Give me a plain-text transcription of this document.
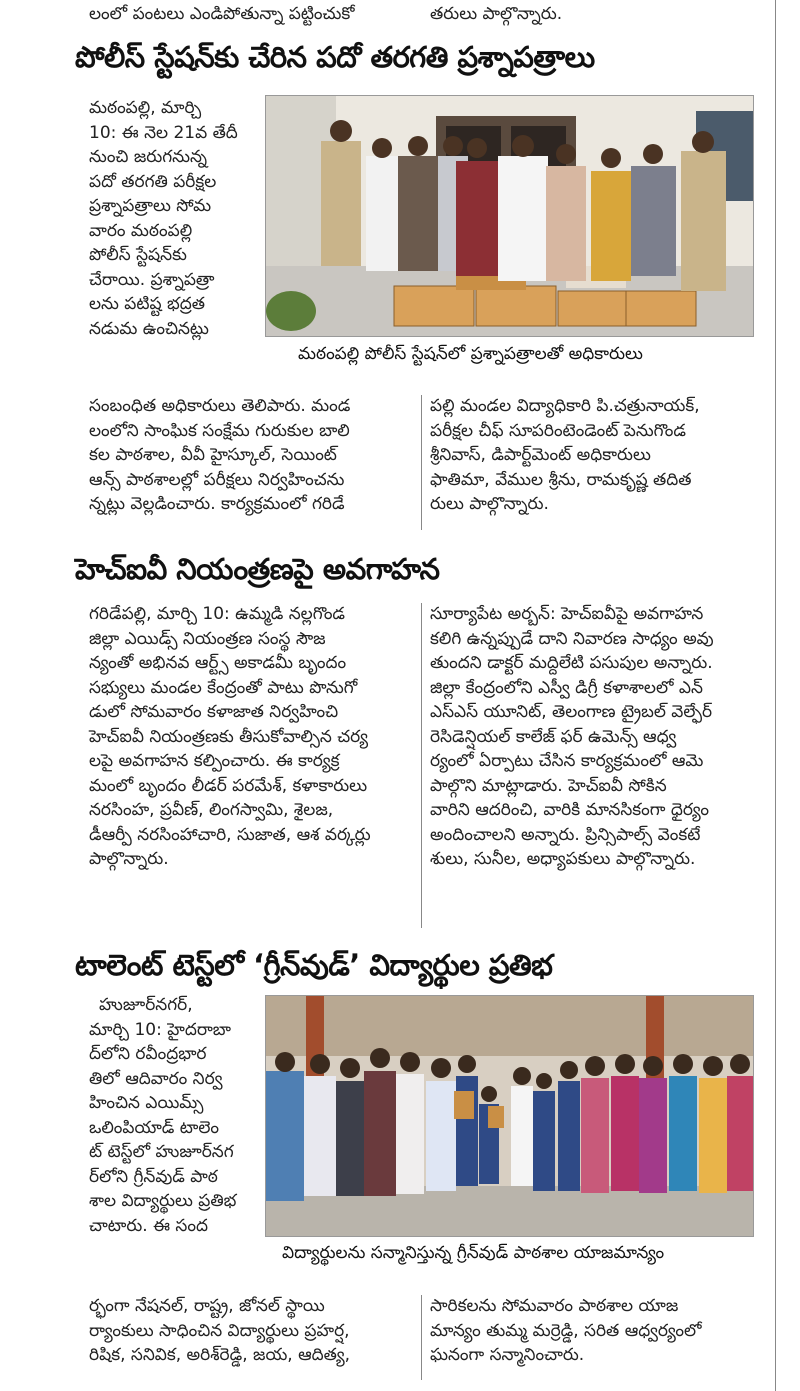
లంలో పంటలు ఎండిపోతున్నా పట్టించుకో	తరులు పాల్గొన్నారు.

పోలీస్ స్టేషన్‌కు చేరిన పదో తరగతి ప్రశ్నాపత్రాలు

మఠంపల్లి, మార్చి

10: ఈ నెల 21వ తేదీ

నుంచి జరుగనున్న

పదో తరగతి పరీక్షల

ప్రశ్నాపత్రాలు సోమ

వారం మఠంపల్లి

పోలీస్ స్టేషన్‌కు

చేరాయి. ప్రశ్నాపత్రా

లను పటిష్ట భద్రత

నడుమ ఉంచినట్లు

మఠంపల్లి పోలీస్ స్టేషన్‌లో ప్రశ్నాపత్రాలతో అధికారులు

సంబంధిత అధికారులు తెలిపారు. మండ

లంలోని సాంఘిక సంక్షేమ గురుకుల బాలి

కల పాఠశాల, వీవీ హైస్కూల్, సెయింట్

ఆన్స్ పాఠశాలల్లో పరీక్షలు నిర్వహించను

న్నట్లు వెల్లడించారు. కార్యక్రమంలో గరిడే

పల్లి మండల విద్యాధికారి పి.చత్రునాయక్,

పరీక్షల చీఫ్ సూపరింటెండెంట్ పెనుగొండ

శ్రీనివాస్, డిపార్ట్‌మెంట్ అధికారులు

ఫాతిమా, వేముల శ్రీను, రామకృష్ణ తదిత

రులు పాల్గొన్నారు.

హెచ్ఐవీ నియంత్రణపై అవగాహన

గరిడేపల్లి, మార్చి 10: ఉమ్మడి నల్లగొండ

జిల్లా ఎయిడ్స్ నియంత్రణ సంస్థ సౌజ

న్యంతో అభినవ ఆర్ట్స్ అకాడమీ బృందం

సభ్యులు మండల కేంద్రంతో పాటు పొనుగో

డులో సోమవారం కళాజాత నిర్వహించి

హెచ్ఐవీ నియంత్రణకు తీసుకోవాల్సిన చర్య

లపై అవగాహన కల్పించారు. ఈ కార్యక్ర

మంలో బృందం లీడర్ పరమేశ్, కళాకారులు

నరసింహ, ప్రవీణ్, లింగస్వామి, శైలజ,

డీఆర్పీ నరసింహాచారి, సుజాత, ఆశ వర్కర్లు

పాల్గొన్నారు.

సూర్యాపేట అర్బన్: హెచ్ఐవీపై అవగాహన

కలిగి ఉన్నప్పుడే దాని నివారణ సాధ్యం అవు

తుందని డాక్టర్ మద్దిలేటి పసుపుల అన్నారు.

జిల్లా కేంద్రంలోని ఎస్వీ డిగ్రీ కళాశాలలో ఎన్

ఎస్ఎస్ యూనిట్, తెలంగాణ ట్రైబల్ వెల్ఫేర్

రెసిడెన్షియల్ కాలేజ్ ఫర్ ఉమెన్స్ ఆధ్వ

ర్యంలో ఏర్పాటు చేసిన కార్యక్రమంలో ఆమె

పాల్గొని మాట్లాడారు. హెచ్ఐవీ సోకిన

వారిని ఆదరించి, వారికి మానసికంగా ధైర్యం

అందించాలని అన్నారు. ప్రిన్సిపాల్స్ వెంకటే

శులు, సునీల, అధ్యాపకులు పాల్గొన్నారు.

టాలెంట్ టెస్ట్‌లో ‘గ్రీన్‌వుడ్’ విద్యార్థుల ప్రతిభ

హుజూర్‌నగర్,

మార్చి 10: హైదరాబా

ద్‌లోని రవీంద్రభార

తిలో ఆదివారం నిర్వ

హించిన ఎయిమ్స్

ఒలింపియాడ్ టాలెం

ట్ టెస్ట్‌లో హుజూర్‌నగ

ర్‌లోని గ్రీన్‌వుడ్ పాఠ

శాల విద్యార్థులు ప్రతిభ

చాటారు. ఈ సంద

విద్యార్థులను సన్మానిస్తున్న గ్రీన్‌వుడ్ పాఠశాల యాజమాన్యం

ర్భంగా నేషనల్, రాష్ట్ర, జోనల్ స్థాయి

ర్యాంకులు సాధించిన విద్యార్థులు ప్రహర్ష,

రిషిక, సనివిక, అరిశ్‌రెడ్డి, జయ, ఆదిత్య,

సారికలను సోమవారం పాఠశాల యాజ

మాన్యం తుమ్మ మర్రెడ్డి, సరిత ఆధ్వర్యంలో

ఘనంగా సన్మానించారు.
